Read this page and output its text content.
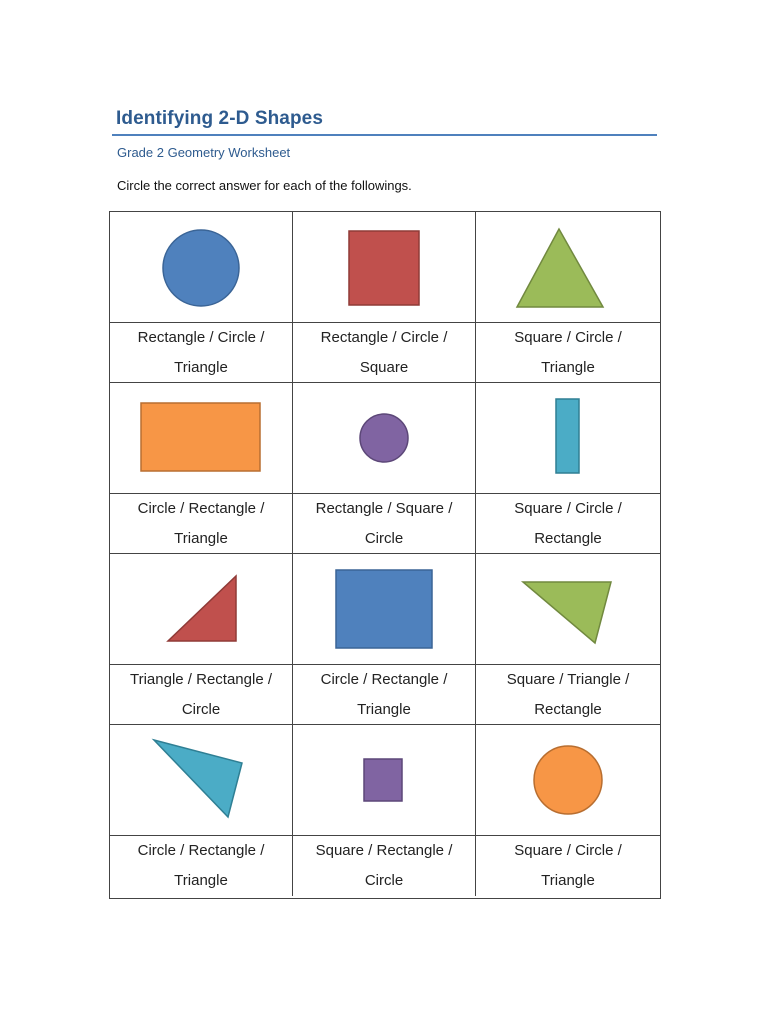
Identifying 2-D Shapes

Grade 2 Geometry Worksheet

Circle the correct answer for each of the followings.

Rectangle / Circle /
Triangle
Rectangle / Circle /
Square
Square / Circle /
Triangle
Circle / Rectangle /
Triangle
Rectangle / Square /
Circle
Square / Circle /
Rectangle
Triangle / Rectangle /
Circle
Circle / Rectangle /
Triangle
Square / Triangle /
Rectangle
Circle / Rectangle /
Triangle
Square / Rectangle /
Circle
Square / Circle /
Triangle
